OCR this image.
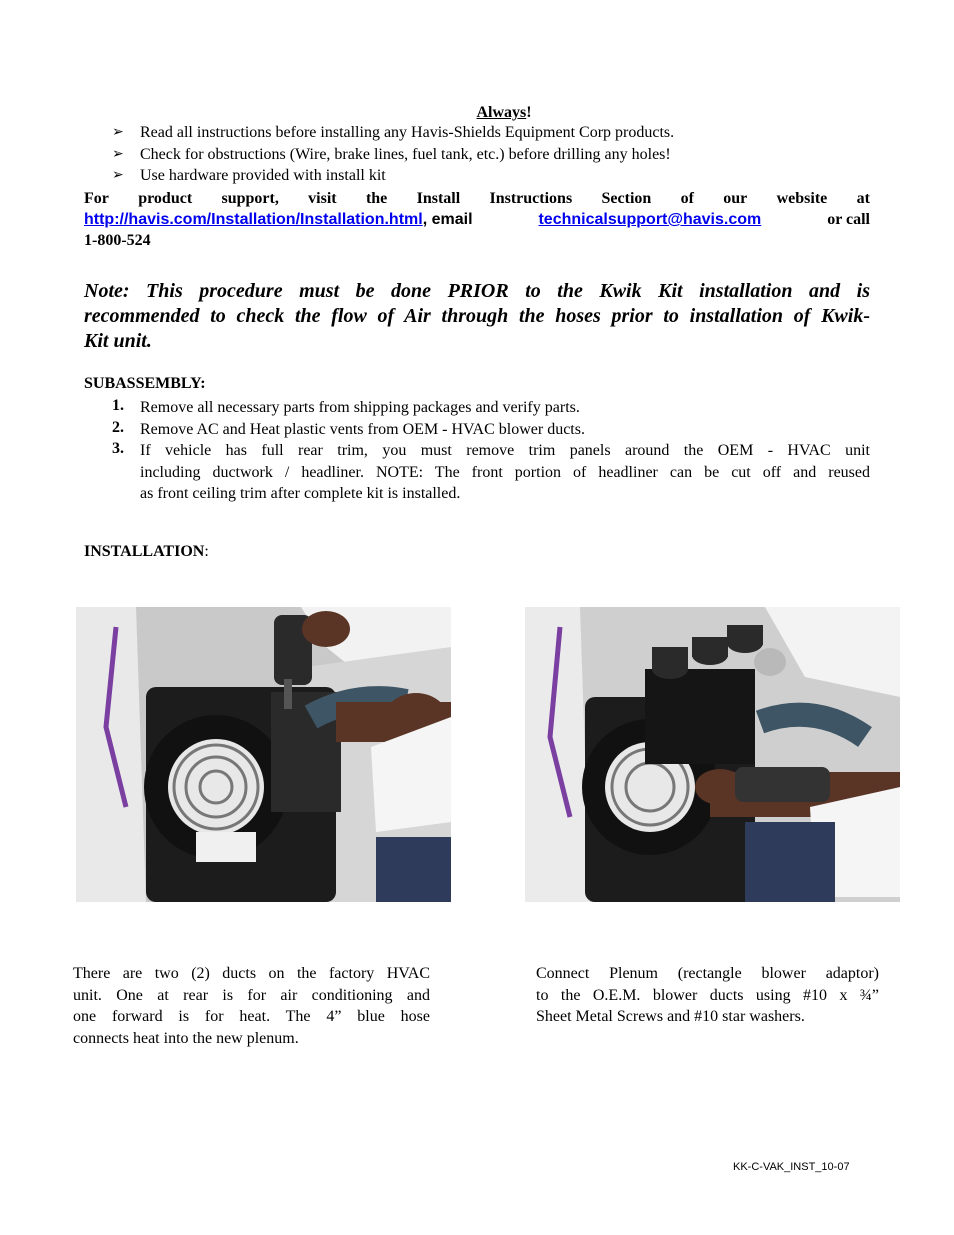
Always!
➢ Read all instructions before installing any Havis-Shields Equipment Corp products.
➢ Check for obstructions (Wire, brake lines, fuel tank, etc.) before drilling any holes!
➢ Use hardware provided with install kit
For product support, visit the Install Instructions Section of our website at
http://havis.com/Installation/Installation.html, email	technicalsupport@havis.com	or call
1-800-524
Note: This procedure must be done PRIOR to the Kwik Kit installation and is
recommended to check the flow of Air through the hoses prior to installation of Kwik-
Kit unit.
SUBASSEMBLY:
1. Remove all necessary parts from shipping packages and verify parts.
2. Remove AC and Heat plastic vents from OEM - HVAC blower ducts.
3. If vehicle has full rear trim, you must remove trim panels around the OEM - HVAC unit
including ductwork / headliner. NOTE: The front portion of headliner can be cut off and reused
as front ceiling trim after complete kit is installed.
INSTALLATION:
There are two (2) ducts on the factory HVAC
unit. One at rear is for air conditioning and
one forward is for heat. The 4” blue hose
connects heat into the new plenum.
Connect Plenum (rectangle blower adaptor)
to the O.E.M. blower ducts using #10 x ¾”
Sheet Metal Screws and #10 star washers.
KK-C-VAK_INST_10-07
